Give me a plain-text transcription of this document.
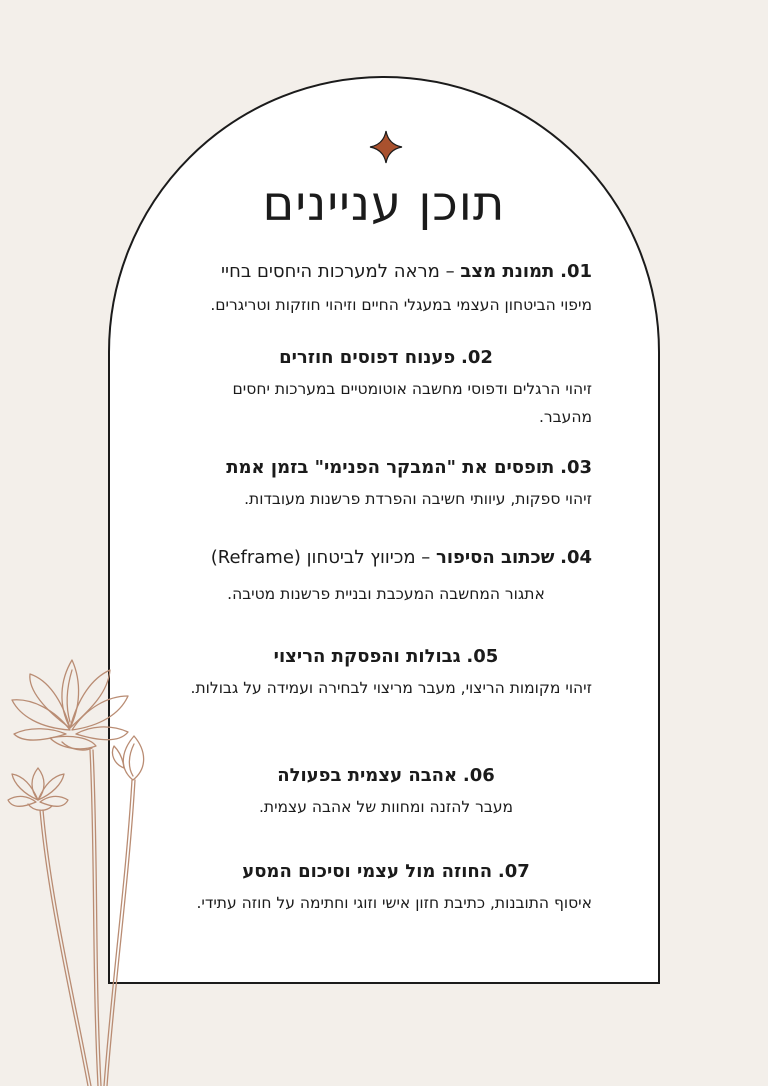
תוכן עניינים
01. תמונת מצב – מראה למערכות היחסים בחיי
מיפוי הביטחון העצמי במעגלי החיים וזיהוי חוזקות וטריגרים.
02. פענוח דפוסים חוזרים
זיהוי הרגלים ודפוסי מחשבה אוטומטיים במערכות יחסים מהעבר.
03. תופסים את "המבקר הפנימי" בזמן אמת
זיהוי ספקות, עיוותי חשיבה והפרדת פרשנות מעובדות.
04. שכתוב הסיפור – מכיווץ לביטחון (Reframe)
אתגור המחשבה המעכבת ובניית פרשנות מטיבה.
05. גבולות והפסקת הריצוי
זיהוי מקומות הריצוי, מעבר מריצוי לבחירה ועמידה על גבולות.
06. אהבה עצמית בפעולה
מעבר להזנה ומחוות של אהבה עצמית.
07. החוזה מול עצמי וסיכום המסע
איסוף התובנות, כתיבת חזון אישי וזוגי וחתימה על חוזה עתידי.
